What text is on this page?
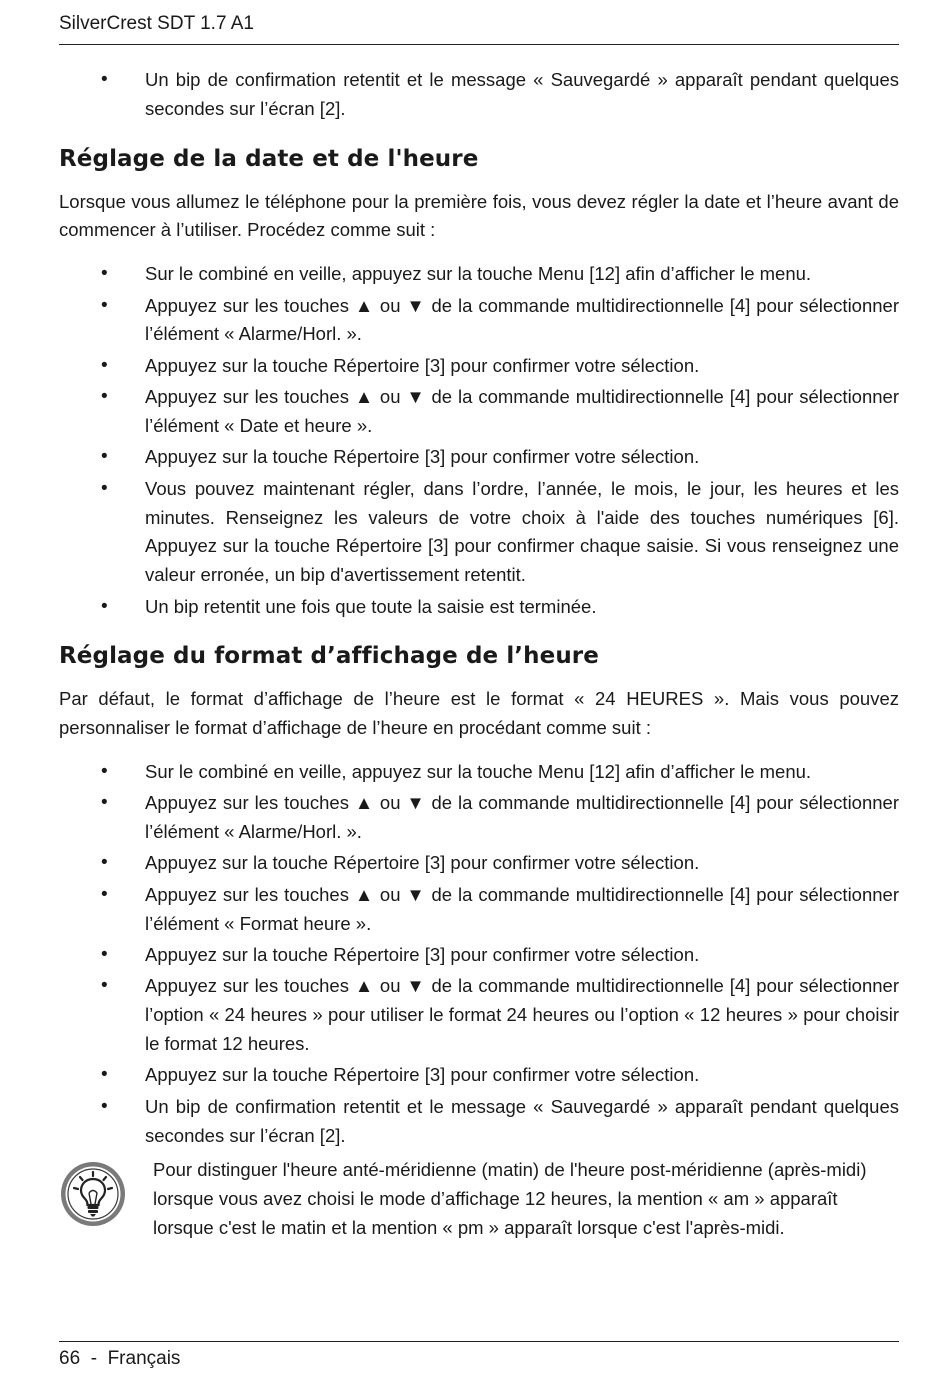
SilverCrest SDT 1.7 A1
• Un bip de confirmation retentit et le message « Sauvegardé » apparaît pendant quelques secondes sur l’écran [2].
Réglage de la date et de l'heure

Lorsque vous allumez le téléphone pour la première fois, vous devez régler la date et l’heure avant de commencer à l’utiliser. Procédez comme suit :

• Sur le combiné en veille, appuyez sur la touche Menu [12] afin d’afficher le menu.
• Appuyez sur les touches ▲ ou ▼ de la commande multidirectionnelle [4] pour sélectionner l’élément « Alarme/Horl. ».
• Appuyez sur la touche Répertoire [3] pour confirmer votre sélection.
• Appuyez sur les touches ▲ ou ▼ de la commande multidirectionnelle [4] pour sélectionner l’élément « Date et heure ».
• Appuyez sur la touche Répertoire [3] pour confirmer votre sélection.
• Vous pouvez maintenant régler, dans l’ordre, l’année, le mois, le jour, les heures et les minutes. Renseignez les valeurs de votre choix à l'aide des touches numériques [6]. Appuyez sur la touche Répertoire [3] pour confirmer chaque saisie. Si vous renseignez une valeur erronée, un bip d'avertissement retentit.
• Un bip retentit une fois que toute la saisie est terminée.
Réglage du format d’affichage de l’heure

Par défaut, le format d’affichage de l’heure est le format « 24 HEURES ». Mais vous pouvez personnaliser le format d’affichage de l’heure en procédant comme suit :

• Sur le combiné en veille, appuyez sur la touche Menu [12] afin d’afficher le menu.
• Appuyez sur les touches ▲ ou ▼ de la commande multidirectionnelle [4] pour sélectionner l’élément « Alarme/Horl. ».
• Appuyez sur la touche Répertoire [3] pour confirmer votre sélection.
• Appuyez sur les touches ▲ ou ▼ de la commande multidirectionnelle [4] pour sélectionner l’élément « Format heure ».
• Appuyez sur la touche Répertoire [3] pour confirmer votre sélection.
• Appuyez sur les touches ▲ ou ▼ de la commande multidirectionnelle [4] pour sélectionner l’option « 24 heures » pour utiliser le format 24 heures ou l’option « 12 heures » pour choisir le format 12 heures.
• Appuyez sur la touche Répertoire [3] pour confirmer votre sélection.
• Un bip de confirmation retentit et le message « Sauvegardé » apparaît pendant quelques secondes sur l’écran [2].
Pour distinguer l'heure anté-méridienne (matin) de l'heure post-méridienne (après-midi) lorsque vous avez choisi le mode d’affichage 12 heures, la mention « am » apparaît lorsque c'est le matin et la mention « pm » apparaît lorsque c'est l'après-midi.
66  -  Français
